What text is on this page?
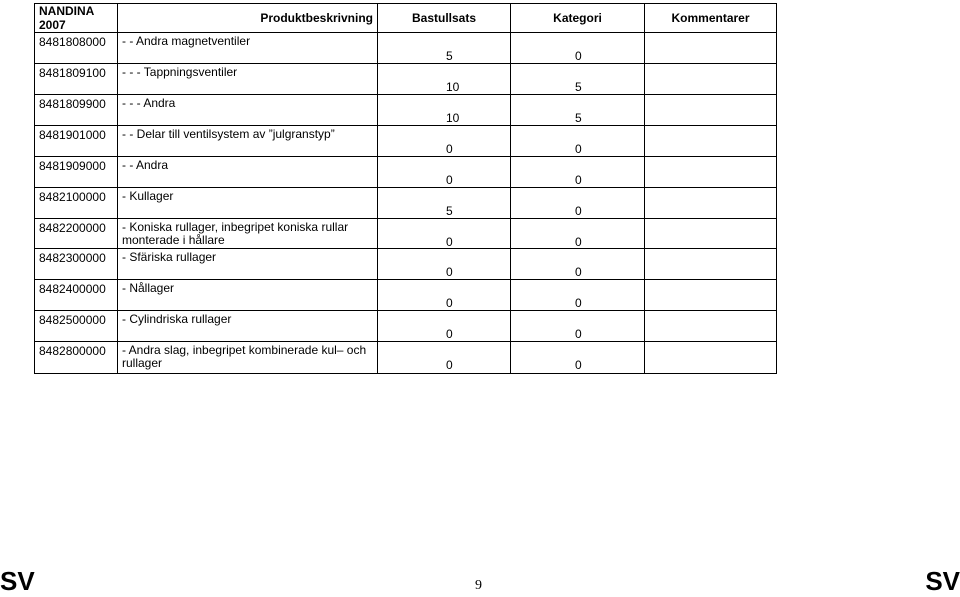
NANDINA 2007	Produktbeskrivning	Bastullsats	Kategori	Kommentarer
8481808000	- - Andra magnetventiler	5	0	

8481809100	- - - Tappningsventiler	10	5	

8481809900	- - - Andra	10	5	

8481901000	- - Delar till ventilsystem av ”julgranstyp”	0	0	

8481909000	- - Andra	0	0	

8482100000	- Kullager	5	0	

8482200000	- Koniska rullager, inbegripet koniska rullar monterade i hållare	0	0	

8482300000	- Sfäriska rullager	0	0	

8482400000	- Nållager	0	0	

8482500000	- Cylindriska rullager	0	0	

8482800000	- Andra slag, inbegripet kombinerade kul– och rullager	0	0	

SV	9	SV
